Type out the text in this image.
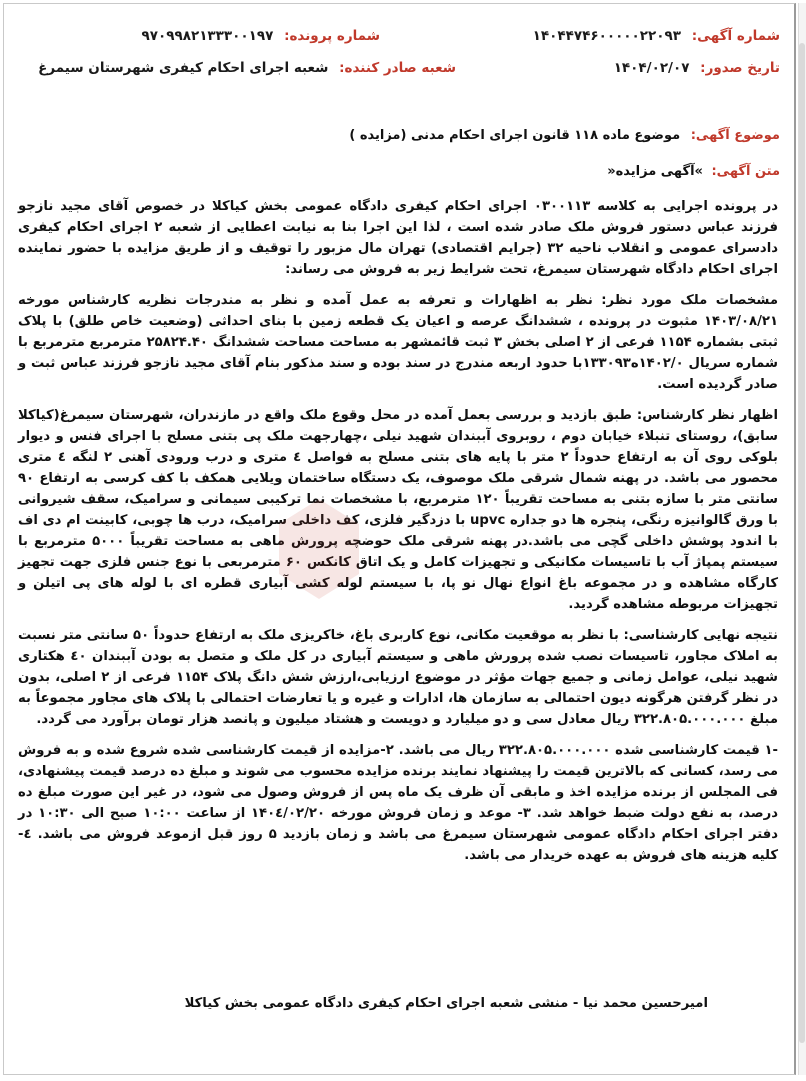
شماره آگهی: ۱۴۰۴۴۷۴۶۰۰۰۰۰۲۲۰۹۳
شماره پرونده: ۹۷۰۹۹۸۲۱۳۳۳۰۰۱۹۷
تاریخ صدور: ۱۴۰۴/۰۲/۰۷
شعبه صادر کننده: شعبه اجرای احکام کیفری شهرستان سیمرغ
موضوع آگهی: موضوع ماده ۱۱۸ قانون اجرای احکام مدنی (مزایده )
متن آگهی: »آگهی مزایده«

در پرونده اجرایی به کلاسه ۰۳۰۰۱۱۳ اجرای احکام کیفری دادگاه عمومی بخش کیاکلا در خصوص آقای مجید نازجو فرزند عباس دستور فروش ملک صادر شده است ، لذا این اجرا بنا به نیابت اعطایی از شعبه ۲ اجرای احکام کیفری دادسرای عمومی و انقلاب ناحیه ۳۲ (جرایم اقتصادی) تهران مال مزبور را توقیف و از طریق مزایده با حضور نماینده اجرای احکام دادگاه شهرستان سیمرغ، تحت شرایط زیر به فروش می رساند:

مشخصات ملک مورد نظر: نظر به اظهارات و تعرفه به عمل آمده و نظر به مندرجات نظریه کارشناس مورخه ۱۴۰۳/۰۸/۲۱ مثبوت در پرونده ، ششدانگ عرصه و اعیان یک قطعه زمین با بنای احداثی (وضعیت خاص طلق) با پلاک ثبتی بشماره ۱۱۵۴ فرعی از ۲ اصلی بخش ۳ ثبت قائمشهر به مساحت مساحت ششدانگ ۲۵۸۲۴.۴۰ مترمربع مترمربع با شماره سریال ۱۴۰۲/۰ه۱۳۳۰۹۳با حدود اربعه مندرج در سند بوده و سند مذکور بنام آقای مجید نازجو فرزند عباس ثبت و صادر گردیده است.

اظهار نظر کارشناس: طبق بازدید و بررسی بعمل آمده در محل وقوع ملک واقع در مازندران، شهرستان سیمرغ(کیاکلا سابق)، روستای تنبلاء خیابان دوم ، روبروی آببندان شهید نیلی ،چهارجهت ملک پی بتنی مسلح با اجرای فنس و دیوار بلوکی روی آن به ارتفاع حدوداً ۲ متر با پایه های بتنی مسلح به فواصل ٤ متری و درب ورودی آهنی ۲ لنگه ٤ متری محصور می باشد. در پهنه شمال شرقی ملک موصوف، یک دستگاه ساختمان ویلایی همکف با کف کرسی به ارتفاع ۹۰ سانتی متر با سازه بتنی به مساحت تقریباً ۱۲۰ مترمربع، با مشخصات نما ترکیبی سیمانی و سرامیک، سقف شیروانی با ورق گالوانیزه رنگی، پنجره ها دو جداره upvc با دزدگیر فلزی، کف داخلی سرامیک، درب ها چوبی، کابینت ام دی اف با اندود پوشش داخلی گچی می باشد.در پهنه شرقی ملک حوضچه پرورش ماهی به مساحت تقریباً ۵۰۰۰ مترمربع با سیستم پمپاژ آب با تاسیسات مکانیکی و تجهیزات کامل و یک اتاق کانکس ۶۰ مترمربعی با نوع جنس فلزی جهت تجهیز کارگاه مشاهده و در مجموعه باغ انواع نهال نو پا، با سیستم لوله کشی آبیاری قطره ای با لوله های پی اتیلن و تجهیزات مربوطه مشاهده گردید.

نتیجه نهایی کارشناسی: با نظر به موقعیت مکانی، نوع کاربری باغ، خاکریزی ملک به ارتفاع حدوداً ۵۰ سانتی متر نسبت به املاک مجاور، تاسیسات نصب شده پرورش ماهی و سیستم آبیاری در کل ملک و متصل به بودن آببندان ٤۰ هکتاری شهید نیلی، عوامل زمانی و جمیع جهات مؤثر در موضوع ارزیابی،ارزش شش دانگ پلاک ۱۱۵۴ فرعی از ۲ اصلی، بدون در نظر گرفتن هرگونه دیون احتمالی به سازمان ها، ادارات و غیره و یا تعارضات احتمالی با پلاک های مجاور مجموعاً به مبلغ ۳۲۲.۸۰۵.۰۰۰.۰۰۰ ریال معادل سی و دو میلیارد و دویست و هشتاد میلیون و پانصد هزار تومان برآورد می گردد.

-۱ قیمت کارشناسی شده ۳۲۲.۸۰۵.۰۰۰.۰۰۰ ریال می باشد. ۲-مزایده از قیمت کارشناسی شده شروع شده و به فروش می رسد، کسانی که بالاترین قیمت را پیشنهاد نمایند برنده مزایده محسوب می شوند و مبلغ ده درصد قیمت پیشنهادی، فی المجلس از برنده مزایده اخذ و مابقی آن ظرف یک ماه پس از فروش وصول می شود، در غیر این صورت مبلغ ده درصد، به نفع دولت ضبط خواهد شد. ۳- موعد و زمان فروش مورخه ۱۴۰٤/۰۲/۲۰ از ساعت ۱۰:۰۰ صبح الی ۱۰:۳۰ در دفتر اجرای احکام دادگاه عمومی شهرستان سیمرغ می باشد و زمان بازدید ۵ روز قبل ازموعد فروش می باشد. ٤- کلیه هزینه های فروش به عهده خریدار می باشد.

امیرحسین محمد نیا - منشی شعبه اجرای احکام کیفری دادگاه عمومی بخش کیاکلا
